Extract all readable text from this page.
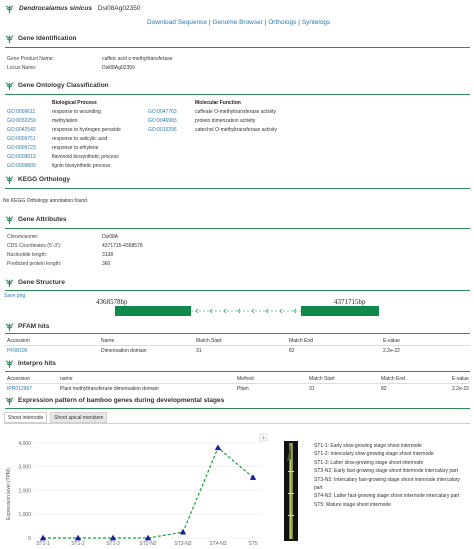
Dendrocalamus sinicus Dsi08Ag02350
Download Sequence | Genome Browser | Orthologs | Syntelogs
Gene Identification
Gene Product Name:	caffeic acid o-methyltransferase
Locus Name:	Dsi08Ag02350
Gene Ontology Classification
Biological Process	Molecular Function
GO:0009611	response to wounding
GO:0032259	methylation
GO:0042542	response to hydrogen peroxide
GO:0009751	response to salicylic acid
GO:0009723	response to ethylene
GO:0009813	flavonoid biosynthetic process
GO:0009809	lignin biosynthetic process
GO:0047763	caffeate O-methyltransferase activity
GO:0046983	protein dimerization activity
GO:0016206	catechol O-methyltransferase activity
KEGG Orthology
No KEGG Orthology annotation found.
Gene Attributes
Chromosome:	Dsi08A
CDS Coordinates (5'-3'):	4371715-4368578
Nucleotide length:	3138
Predicted protein length:	360
Gene Structure
Save png
4368578bp	4371715bp
PFAM hits
Accession	Name	Match Start	Match End	E-value
PF08100	Dimerisation domain	31	82	2.2e-22
Interpro hits
Accession	name	Method	Match Start	Match End	E-value
IPR012967	Plant methyltransferase dimerisation domain	Pfam	31	82	2.2e-22
Expression pattern of bamboo genes during developmental stages
Shoot internode	Shoot apical meristem
0
1,000
2,000
3,000
4,000
ST1-1	ST1-2	ST1-3	ST2-N2	ST3-N2	ST4-N2	ST5
Expression level (TPM)
ST1-1: Early slow-growing stage shoot internode
ST1-2: Intercalary slow-growing stage shoot internode
ST1-3: Latter slow-growing stage shoot internode
ST3-N2: Early fast-growing stage shoot internode intercalary part
ST3-N2: Intercalary fast-growing stage shoot internode intercalary
part
ST4-N2: Latter fast-growing stage shoot internode intercalary part
ST5: Mature stage shoot internode
